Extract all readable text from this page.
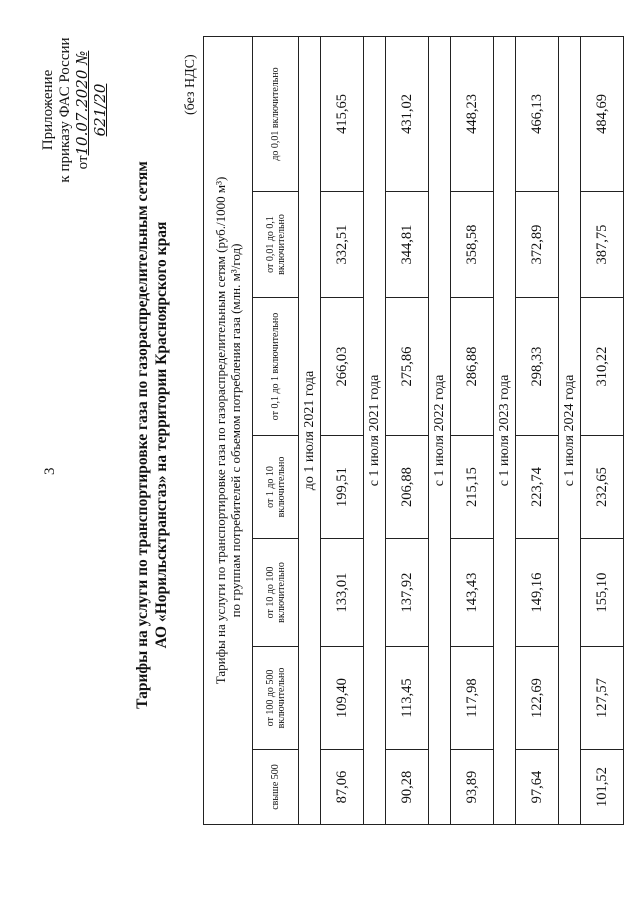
3
Приложение к приказу ФАС России от10.07.2020 № 621/20
Тарифы на услуги по транспортировке газа по газораспределительным сетям АО «Норильсктрансгаз» на территории Красноярского края
(без НДС)
Тарифы на услуги по транспортировке газа по газораспределительным сетям (руб./1000 м³) по группам потребителей с объемом потребления газа (млн. м³/год)						

свыше 500	от 100 до 500 включительно	от 10 до 100 включительно	от 1 до 10 включительно	от 0,1 до 1 включительно	от 0,01 до 0,1 включительно	до 0,01 включительно
до 1 июля 2021 года						
87,06	109,40	133,01	199,51	266,03	332,51	415,65
с 1 июля 2021 года						
90,28	113,45	137,92	206,88	275,86	344,81	431,02
с 1 июля 2022 года						
93,89	117,98	143,43	215,15	286,88	358,58	448,23
с 1 июля 2023 года						
97,64	122,69	149,16	223,74	298,33	372,89	466,13
с 1 июля 2024 года						
101,52	127,57	155,10	232,65	310,22	387,75	484,69
